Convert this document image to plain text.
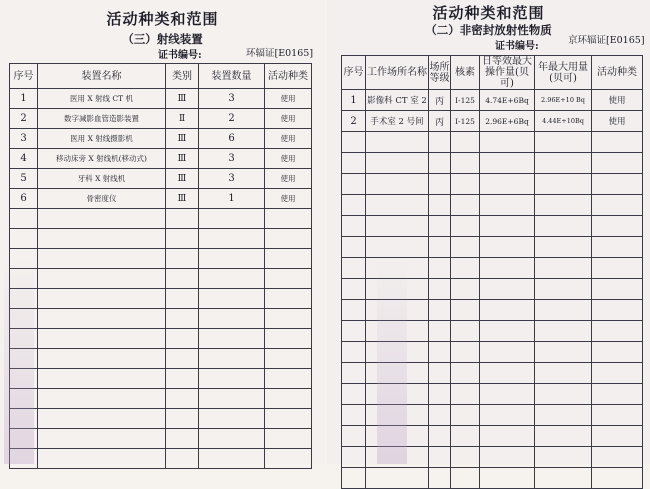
活动种类和范围
（三）射线装置
证书编号:	环辐证[E0165]
序号	装置名称	类别	装置数量	活动种类
1	医用 X 射线 CT 机	Ⅲ	3	使用
2	数字减影血管造影装置	Ⅱ	2	使用
3	医用 X 射线摄影机	Ⅲ	6	使用
4	移动床旁 X 射线机(移动式)	Ⅲ	3	使用
5	牙科 X 射线机	Ⅲ	3	使用
6	骨密度仪	Ⅲ	1	使用

活动种类和范围
（二）非密封放射性物质
证书编号:
京环辐证[E0165]
序号	工作场所名称	场所等级	核素	日等效最大操作量(贝可)	年最大用量(贝可)	活动种类
1	影像科 CT 室 2	丙	I-125	4.74E+6Bq	2.96E+10 Bq	使用
2	手术室 2 号间	丙	I-125	2.96E+6Bq	4.44E+10Bq	使用
